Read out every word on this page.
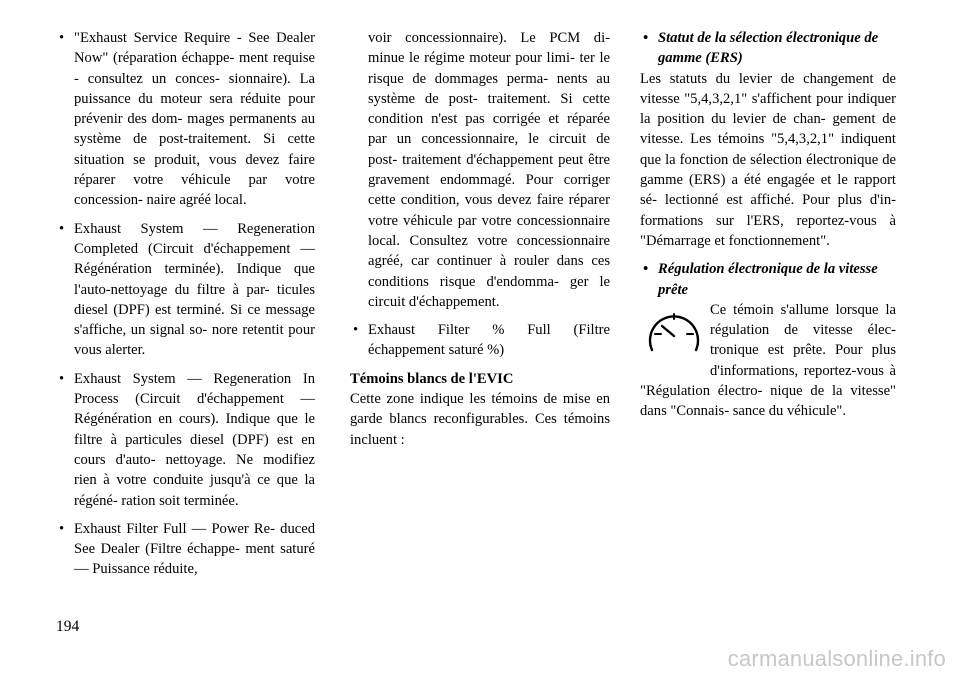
• "Exhaust Service Require - See Dealer Now" (réparation échappe- ment requise - consultez un conces- sionnaire). La puissance du moteur sera réduite pour prévenir des dom- mages permanents au système de post-traitement. Si cette situation se produit, vous devez faire réparer votre véhicule par votre concession- naire agréé local.

• Exhaust System — Regeneration Completed (Circuit d'échappement — Régénération terminée). Indique que l'auto-nettoyage du filtre à par- ticules diesel (DPF) est terminé. Si ce message s'affiche, un signal so- nore retentit pour vous alerter.

• Exhaust System — Regeneration In Process (Circuit d'échappement — Régénération en cours). Indique que le filtre à particules diesel (DPF) est en cours d'auto- nettoyage. Ne modifiez rien à votre conduite jusqu'à ce que la régéné- ration soit terminée.

• Exhaust Filter Full — Power Re- duced See Dealer (Filtre échappe- ment saturé — Puissance réduite,

voir concessionnaire). Le PCM di- minue le régime moteur pour limi- ter le risque de dommages perma- nents au système de post- traitement. Si cette condition n'est pas corrigée et réparée par un concessionnaire, le circuit de post- traitement d'échappement peut être gravement endommagé. Pour corriger cette condition, vous devez faire réparer votre véhicule par votre concessionnaire local. Consultez votre concessionnaire agréé, car continuer à rouler dans ces conditions risque d'endomma- ger le circuit d'échappement.

• Exhaust Filter % Full (Filtre échappement saturé %)

Témoins blancs de l'EVIC

Cette zone indique les témoins de mise en garde blancs reconfigurables. Ces témoins incluent :

• Statut de la sélection électronique de gamme (ERS)

Les statuts du levier de changement de vitesse "5,4,3,2,1" s'affichent pour indiquer la position du levier de chan- gement de vitesse. Les témoins "5,4,3,2,1" indiquent que la fonction de sélection électronique de gamme (ERS) a été engagée et le rapport sé- lectionné est affiché. Pour plus d'in- formations sur l'ERS, reportez-vous à "Démarrage et fonctionnement".

• Régulation électronique de la vitesse prête

Ce témoin s'allume lorsque la régulation de vitesse élec- tronique est prête. Pour plus d'informations, reportez-vous à "Régulation électro- nique de la vitesse" dans "Connais- sance du véhicule".
194
carmanualsonline.info
